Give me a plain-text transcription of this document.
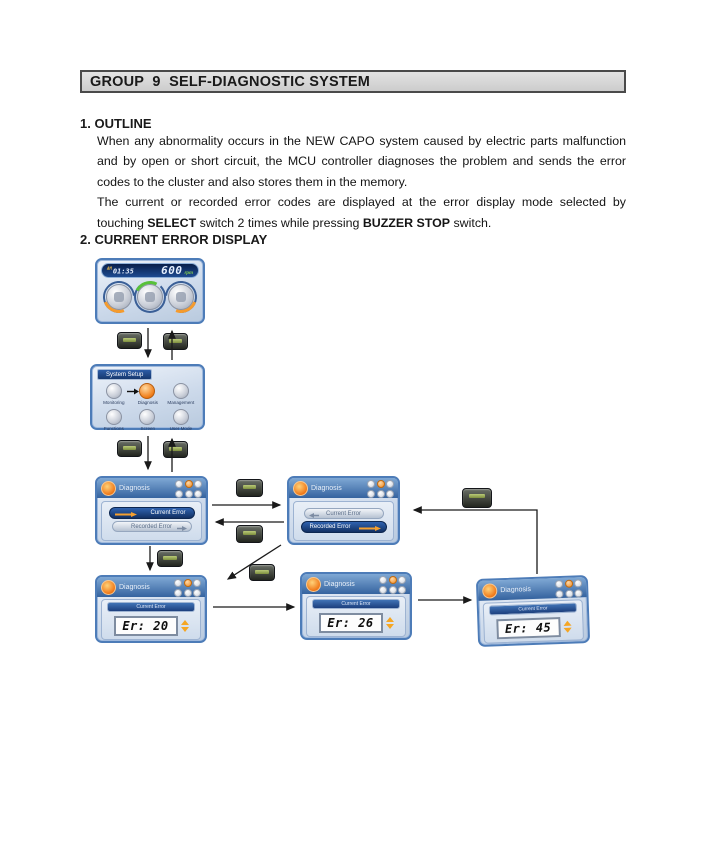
GROUP  9  SELF-DIAGNOSTIC SYSTEM
1. OUTLINE

When any abnormality occurs in the NEW CAPO system caused by electric parts malfunction and by open or short circuit, the MCU controller diagnoses the problem and sends the error codes to the cluster and also stores them in the memory.

The current or recorded error codes are displayed at the error display mode selected by touching SELECT switch 2 times while pressing BUZZER STOP switch.

2. CURRENT ERROR DISPLAY
$^{AM}$01:35 600 rpm
System Setup
Monitoring	Diagnosis	Management
Functions	Screen	User Mode
Diagnosis
Current Error
Recorded Error
Diagnosis
Current Error
Recorded Error
Diagnosis
Current Error
Er: 20
Diagnosis
Current Error
Er: 26
Diagnosis
Current Error
Er: 45
